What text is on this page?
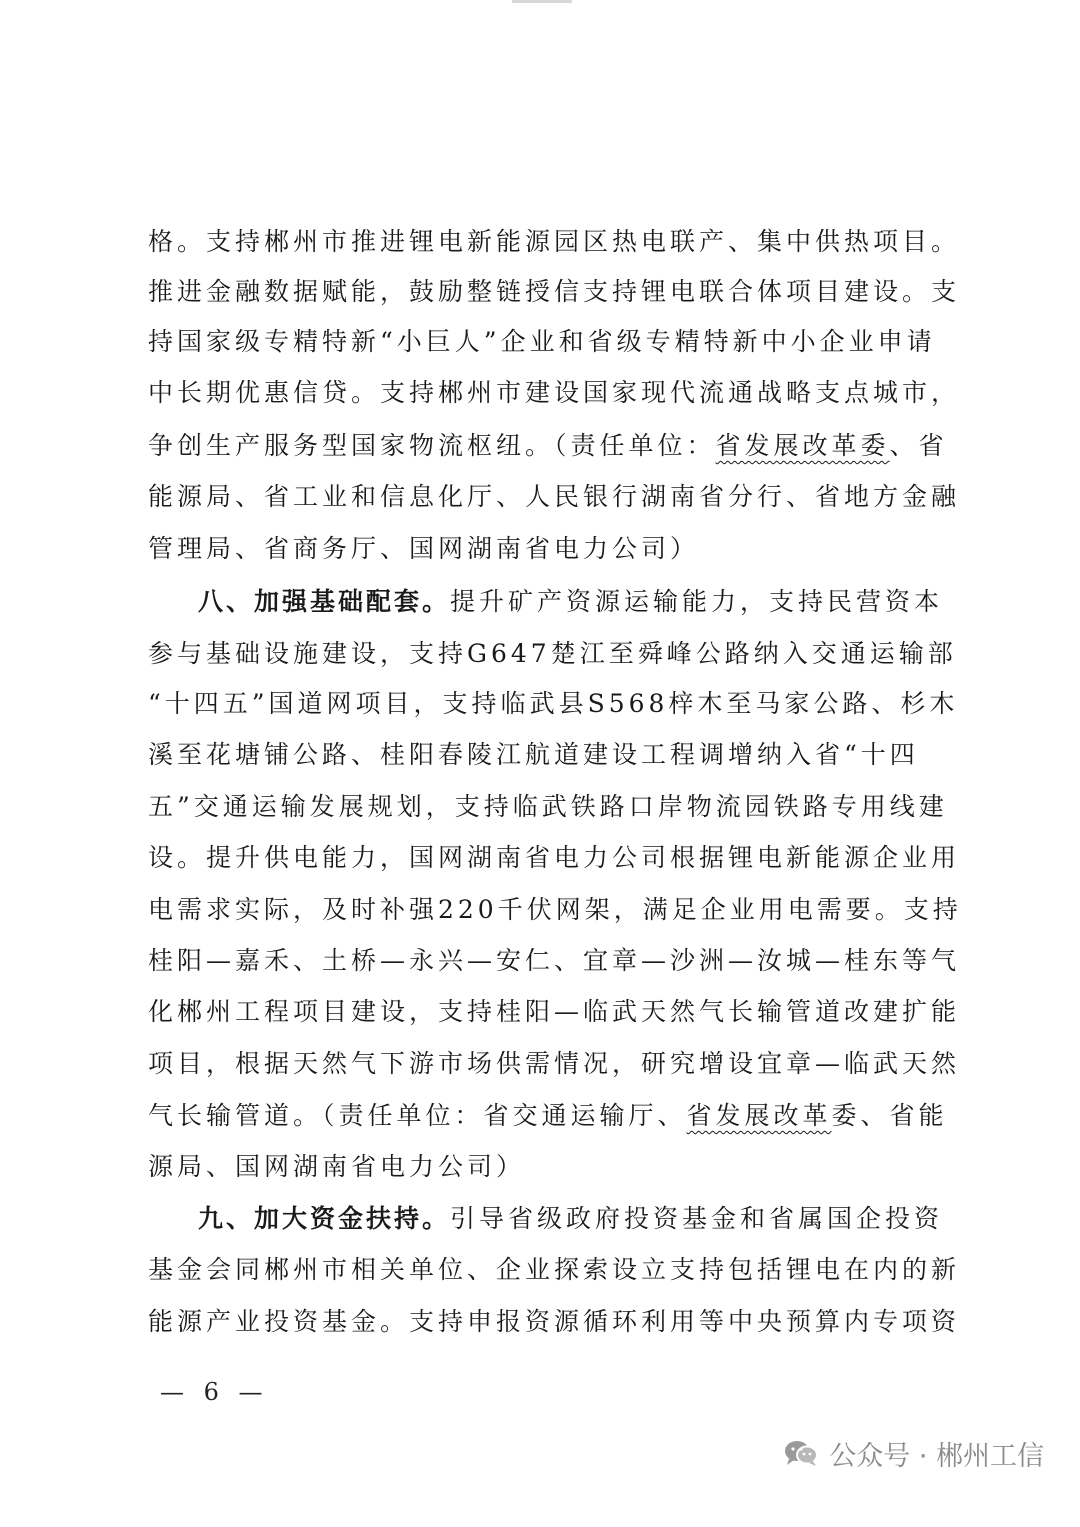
格。支持郴州市推进锂电新能源园区热电联产、集中供热项目。
推进金融数据赋能，鼓励整链授信支持锂电联合体项目建设。支
持国家级专精特新“小巨人”企业和省级专精特新中小企业申请
中长期优惠信贷。支持郴州市建设国家现代流通战略支点城市，
争创生产服务型国家物流枢纽。（责任单位：省发展改革委、省
能源局、省工业和信息化厅、人民银行湖南省分行、省地方金融
管理局、省商务厅、国网湖南省电力公司）
八、加强基础配套。提升矿产资源运输能力，支持民营资本
参与基础设施建设，支持G647楚江至舜峰公路纳入交通运输部
“十四五”国道网项目，支持临武县S568梓木至马家公路、杉木
溪至花塘铺公路、桂阳春陵江航道建设工程调增纳入省“十四
五”交通运输发展规划，支持临武铁路口岸物流园铁路专用线建
设。提升供电能力，国网湖南省电力公司根据锂电新能源企业用
电需求实际，及时补强220千伏网架，满足企业用电需要。支持
桂阳—嘉禾、土桥—永兴—安仁、宜章—沙洲—汝城—桂东等气
化郴州工程项目建设，支持桂阳—临武天然气长输管道改建扩能
项目，根据天然气下游市场供需情况，研究增设宜章—临武天然
气长输管道。（责任单位：省交通运输厅、省发展改革委、省能
源局、国网湖南省电力公司）
九、加大资金扶持。引导省级政府投资基金和省属国企投资
基金会同郴州市相关单位、企业探索设立支持包括锂电在内的新
能源产业投资基金。支持申报资源循环利用等中央预算内专项资
— 6 —
公众号 · 郴州工信
